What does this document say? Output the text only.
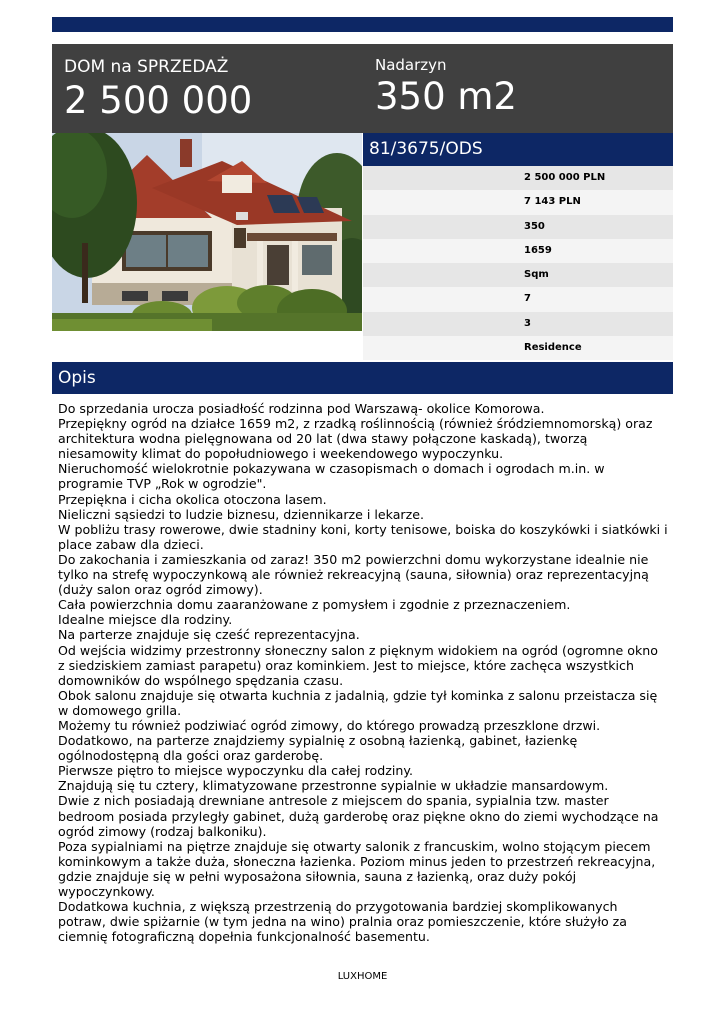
DOM na SPRZEDAŻ
2 500 000
Nadarzyn
350 m2
81/3675/ODS
2 500 000 PLN
7 143 PLN
350
1659
Sqm
7
3
Residence
Opis

Do sprzedania urocza posiadłość rodzinna pod Warszawą- okolice Komorowa.

Przepiękny ogród na działce 1659 m2, z rzadką roślinnością (również śródziemnomorską) oraz architektura wodna pielęgnowana od 20 lat (dwa stawy połączone kaskadą), tworzą niesamowity klimat do popołudniowego i weekendowego wypoczynku.

Nieruchomość wielokrotnie pokazywana w czasopismach o domach i ogrodach m.in. w programie TVP „Rok w ogrodzie".

Przepiękna i cicha okolica otoczona lasem.

Nieliczni sąsiedzi to ludzie biznesu, dziennikarze i lekarze.

W pobliżu trasy rowerowe, dwie stadniny koni, korty tenisowe, boiska do koszykówki i siatkówki i place zabaw dla dzieci.

Do zakochania i zamieszkania od zaraz! 350 m2 powierzchni domu wykorzystane idealnie nie tylko na strefę wypoczynkową ale również rekreacyjną (sauna, siłownia) oraz reprezentacyjną (duży salon oraz ogród zimowy).

Cała powierzchnia domu zaaranżowane z pomysłem i zgodnie z przeznaczeniem.

Idealne miejsce dla rodziny.

Na parterze znajduje się cześć reprezentacyjna.

Od wejścia widzimy przestronny słoneczny salon z pięknym widokiem na ogród (ogromne okno z siedziskiem zamiast parapetu) oraz kominkiem. Jest to miejsce, które zachęca wszystkich domowników do wspólnego spędzania czasu.

Obok salonu znajduje się otwarta kuchnia z jadalnią, gdzie tył kominka z salonu przeistacza się w domowego grilla.

Możemy tu również podziwiać ogród zimowy, do którego prowadzą przeszklone drzwi.

Dodatkowo, na parterze znajdziemy sypialnię z osobną łazienką, gabinet, łazienkę ogólnodostępną dla gości oraz garderobę.

Pierwsze piętro to miejsce wypoczynku dla całej rodziny.

Znajdują się tu cztery, klimatyzowane przestronne sypialnie w układzie mansardowym.

Dwie z nich posiadają drewniane antresole z miejscem do spania, sypialnia tzw. master bedroom posiada przyległy gabinet, dużą garderobę oraz piękne okno do ziemi wychodzące na ogród zimowy (rodzaj balkoniku).

Poza sypialniami na piętrze znajduje się otwarty salonik z francuskim, wolno stojącym piecem kominkowym a także duża, słoneczna łazienka. Poziom minus jeden to przestrzeń rekreacyjna, gdzie znajduje się w pełni wyposażona siłownia, sauna z łazienką, oraz duży pokój wypoczynkowy.

Dodatkowa kuchnia, z większą przestrzenią do przygotowania bardziej skomplikowanych potraw, dwie spiżarnie (w tym jedna na wino) pralnia oraz pomieszczenie, które służyło za ciemnię fotograficzną dopełnia funkcjonalność basementu.

LUXHOME
